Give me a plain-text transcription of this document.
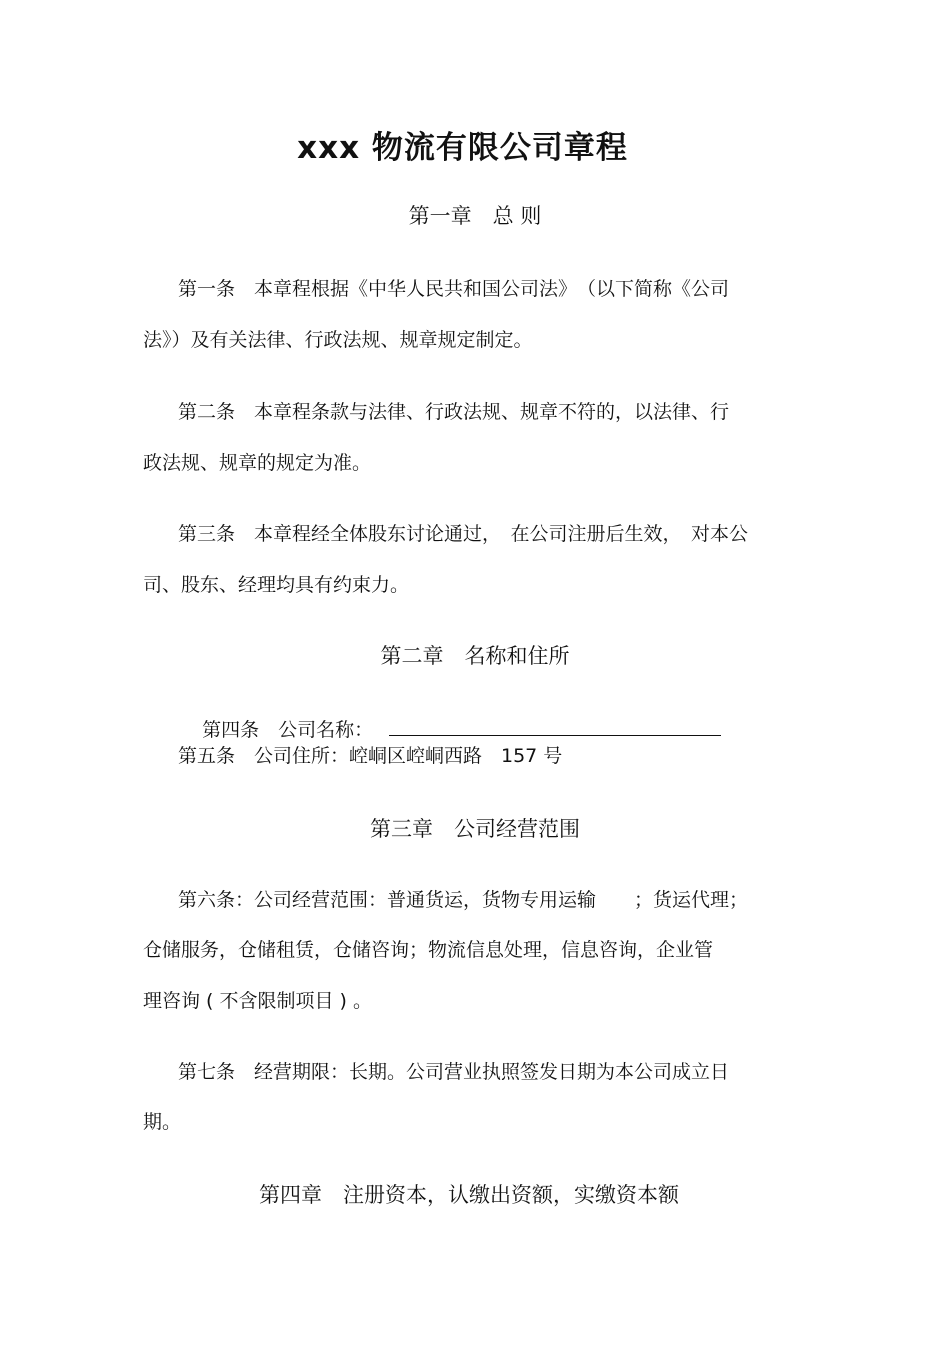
xxx 物流有限公司章程
第一章　总 则
第一条　本章程根据《中华人民共和国公司法》　（以下简称《公司
法》）及有关法律、行政法规、规章规定制定。
第二条　本章程条款与法律、行政法规、规章不符的，以法律、行
政法规、规章的规定为准。
第三条　本章程经全体股东讨论通过，　在公司注册后生效，　对本公
司、股东、经理均具有约束力。
第二章　名称和住所

第四条　公司名称：

第五条　公司住所：崆峒区崆峒西路　157 号
第三章　公司经营范围
第六条：公司经营范围：普通货运，货物专用运输　　；货运代理；
仓储服务，仓储租赁，仓储咨询；物流信息处理，信息咨询，企业管
理咨询 ( 不含限制项目 ) 。
第七条　经营期限：长期。公司营业执照签发日期为本公司成立日
期。
第四章　注册资本，认缴出资额，实缴资本额
